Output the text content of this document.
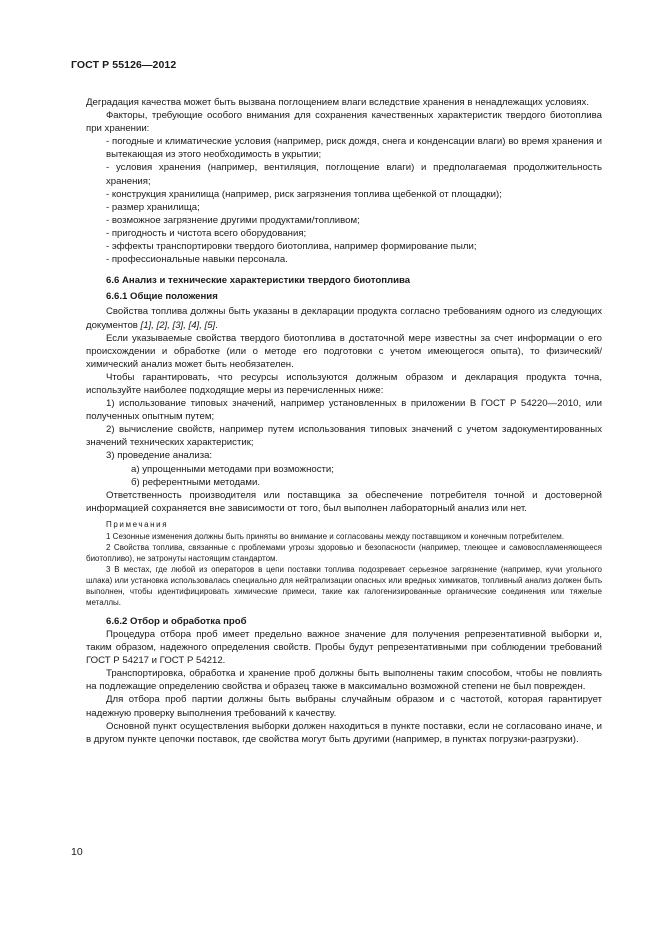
ГОСТ Р 55126—2012

Деградация качества может быть вызвана поглощением влаги вследствие хранения в ненадлежащих условиях.

Факторы, требующие особого внимания для сохранения качественных характеристик твердого биотоплива при хранении:

- погодные и климатические условия (например, риск дождя, снега и конденсации влаги) во время хранения и вытекающая из этого необходимость в укрытии;

- условия хранения (например, вентиляция, поглощение влаги) и предполагаемая продолжительность хранения;

- конструкция хранилища (например, риск загрязнения топлива щебенкой от площадки);

- размер хранилища;

- возможное загрязнение другими продуктами/топливом;

- пригодность и чистота всего оборудования;

- эффекты транспортировки твердого биотоплива, например формирование пыли;

- профессиональные навыки персонала.

6.6 Анализ и технические характеристики твердого биотоплива

6.6.1 Общие положения

Свойства топлива должны быть указаны в декларации продукта согласно требованиям одного из следующих документов [1], [2], [3], [4], [5].

Если указываемые свойства твердого биотоплива в достаточной мере известны за счет информации о его происхождении и обработке (или о методе его подготовки с учетом имеющегося опыта), то физический/химический анализ может быть необязателен.

Чтобы гарантировать, что ресурсы используются должным образом и декларация продукта точна, используйте наиболее подходящие меры из перечисленных ниже:

1) использование типовых значений, например установленных в приложении В ГОСТ Р 54220—2010, или полученных опытным путем;

2) вычисление свойств, например путем использования типовых значений с учетом задокументированных значений технических характеристик;

3) проведение анализа:

а) упрощенными методами при возможности;

б) референтными методами.

Ответственность производителя или поставщика за обеспечение потребителя точной и достоверной информацией сохраняется вне зависимости от того, был выполнен лабораторный анализ или нет.

Примечания

1 Сезонные изменения должны быть приняты во внимание и согласованы между поставщиком и конечным потребителем.

2 Свойства топлива, связанные с проблемами угрозы здоровью и безопасности (например, тлеющее и самовоспламеняющееся биотопливо), не затронуты настоящим стандартом.

3 В местах, где любой из операторов в цепи поставки топлива подозревает серьезное загрязнение (например, кучи угольного шлака) или установка использовалась специально для нейтрализации опасных или вредных химикатов, топливный анализ должен быть выполнен, чтобы идентифицировать химические примеси, такие как галогенизированные органические соединения или тяжелые металлы.

6.6.2 Отбор и обработка проб

Процедура отбора проб имеет предельно важное значение для получения репрезентативной выборки и, таким образом, надежного определения свойств. Пробы будут репрезентативными при соблюдении требований ГОСТ Р 54217 и ГОСТ Р 54212.

Транспортировка, обработка и хранение проб должны быть выполнены таким способом, чтобы не повлиять на подлежащие определению свойства и образец также в максимально возможной степени не был поврежден.

Для отбора проб партии должны быть выбраны случайным образом и с частотой, которая гарантирует надежную проверку выполнения требований к качеству.

Основной пункт осуществления выборки должен находиться в пункте поставки, если не согласовано иначе, и в другом пункте цепочки поставок, где свойства могут быть другими (например, в пунктах погрузки-разгрузки).

10
